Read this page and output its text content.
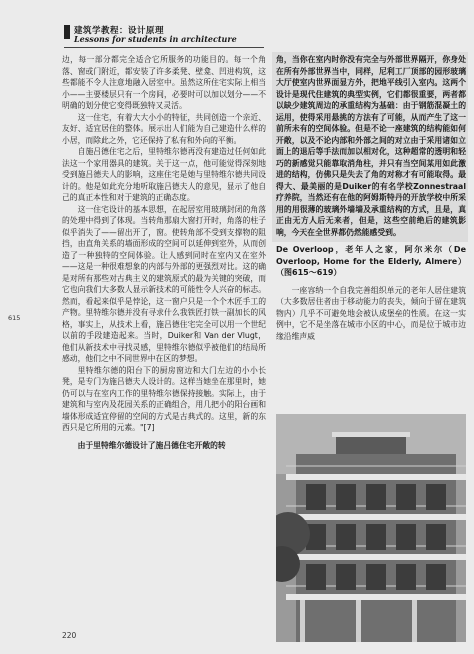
建筑学教程：设计原理
Lessons for students in architecture
615
220

边，每一部分都完全适合它所服务的功能目的。每一个角落、窗或门附近，都安装了许多柔凳、壁龛、凹进构筑，这些都能不令人注意地融入居室中。虽然这所住宅实际上相当小——主要楼层只有一个房间，必要时可以加以划分——不明确的划分使它变得既独特又灵活。

这一住宅，有着大大小小的特征，共同创造一个亲近、友好、适宜居住的整体。展示出人们能为自己建造什么样的小居，而除此之外，它还保持了私有和外向的平衡。

自施吕德住宅之后，里特维尔德再没有建造过任何如此法这一个家用器具的建筑。关于这一点，他可能觉得深刻地受到施吕德夫人的影响，这座住宅是她与里特维尔德共同设计的。他是如此充分地听取施吕德夫人的意见，显示了他自己的真正本性和对于建筑的正确态度。

这一住宅设计的基本思想，在起居室用玻璃封闭的角落的处理中得到了体现。当转角那扇大窗打开时，角落的柱子似乎消失了——留出开了，窗。使转角部不受到支撑物的阻挡，由直角关系的墙面形成的空间可以延伸到室外，从而创造了一种独特的空间体验。让人感到同时在室内又在室外——这是一种很难想象的内部与外部的更强烈对比。这的确是对所有那些对古典主义的建筑原式的最为关键的突破，而它也向我们大多数人显示新技术的可能性令人兴奋的标志。然而，看起来似乎是悖论，这一窗户只是一个个木匠手工的产物。里特维尔德并没有寻求什么我铁匠打铁一副加长的风格，事实上，从技术上看，施吕德住宅完全可以用一个世纪以前的手段建造起来。当时，Duiker和 Van der Vlugt，他们从新技术中寻找灵感，里特维尔德似乎被他们的结局所感动，他们之中不同世界中在区的梦想。

里特维尔德的阳台下的厨房窗边和大门左边的小小长凳，是专门为施吕德夫人设计的。这样当她坐在那里时，她仍可以与在室内工作的里特维尔德保持接触。实际上，由于建筑和与室内及花园关系的正确组合，用几把小的阳台画和墙体形成适宜停留的空间的方式是古典式的。这里，新的东西只是它所用的元素。"[7]

由于里特维尔德设计了施吕德住宅开敞的转

角，当你在室内时你没有完全与外部世界隔开，你身处在所有外部世界当中，同样，尼利工厂顶部的园形玻璃大厅使室内世界面显方外，把地平线引入室内。这两个设计是现代住建筑的典型实例，它们都很重要，两者都以缺少建筑周边的承重结构为基础：由于钢筋混凝土的运用，使得采用悬挑的方法有了可能，从而产生了这一前所未有的空间体验。但是不论一座建筑的结构能如何开敞，以及不论内部和外部之间的对立由于采用诸如立面上的退后等手法而加以相对化，这种超常的透明和轻巧的新感觉只能靠取消角柱，并只有当空间某用如此激进的结构，仿佛只是失去了角的对称才有可能取得。最得大、最美丽的是Duiker的有名学校Zonnestraal疗养院，当然还有在他的阿姆斯特丹的开放学校中所采用的用很薄的玻璃外墙墙及承重结构的方式，且是，真正由无方人后无来者，但是，这些空前绝后的建筑影响，今天在全世界都仍然能感受到。

De Overloop，老年人之家，阿尔米尔（De Overloop, Home for the Elderly, Almere）（图615～619）

一座容纳一个自我完善组织单元的老年人居住建筑（大多数居住者由于移动能力的丧失，倾向于留在建筑物内）几乎不可避免地会被认成堡垒的性质。在这一实例中，它不是坐落在城市小区的中心，而是位于城市边缘沿维声威
